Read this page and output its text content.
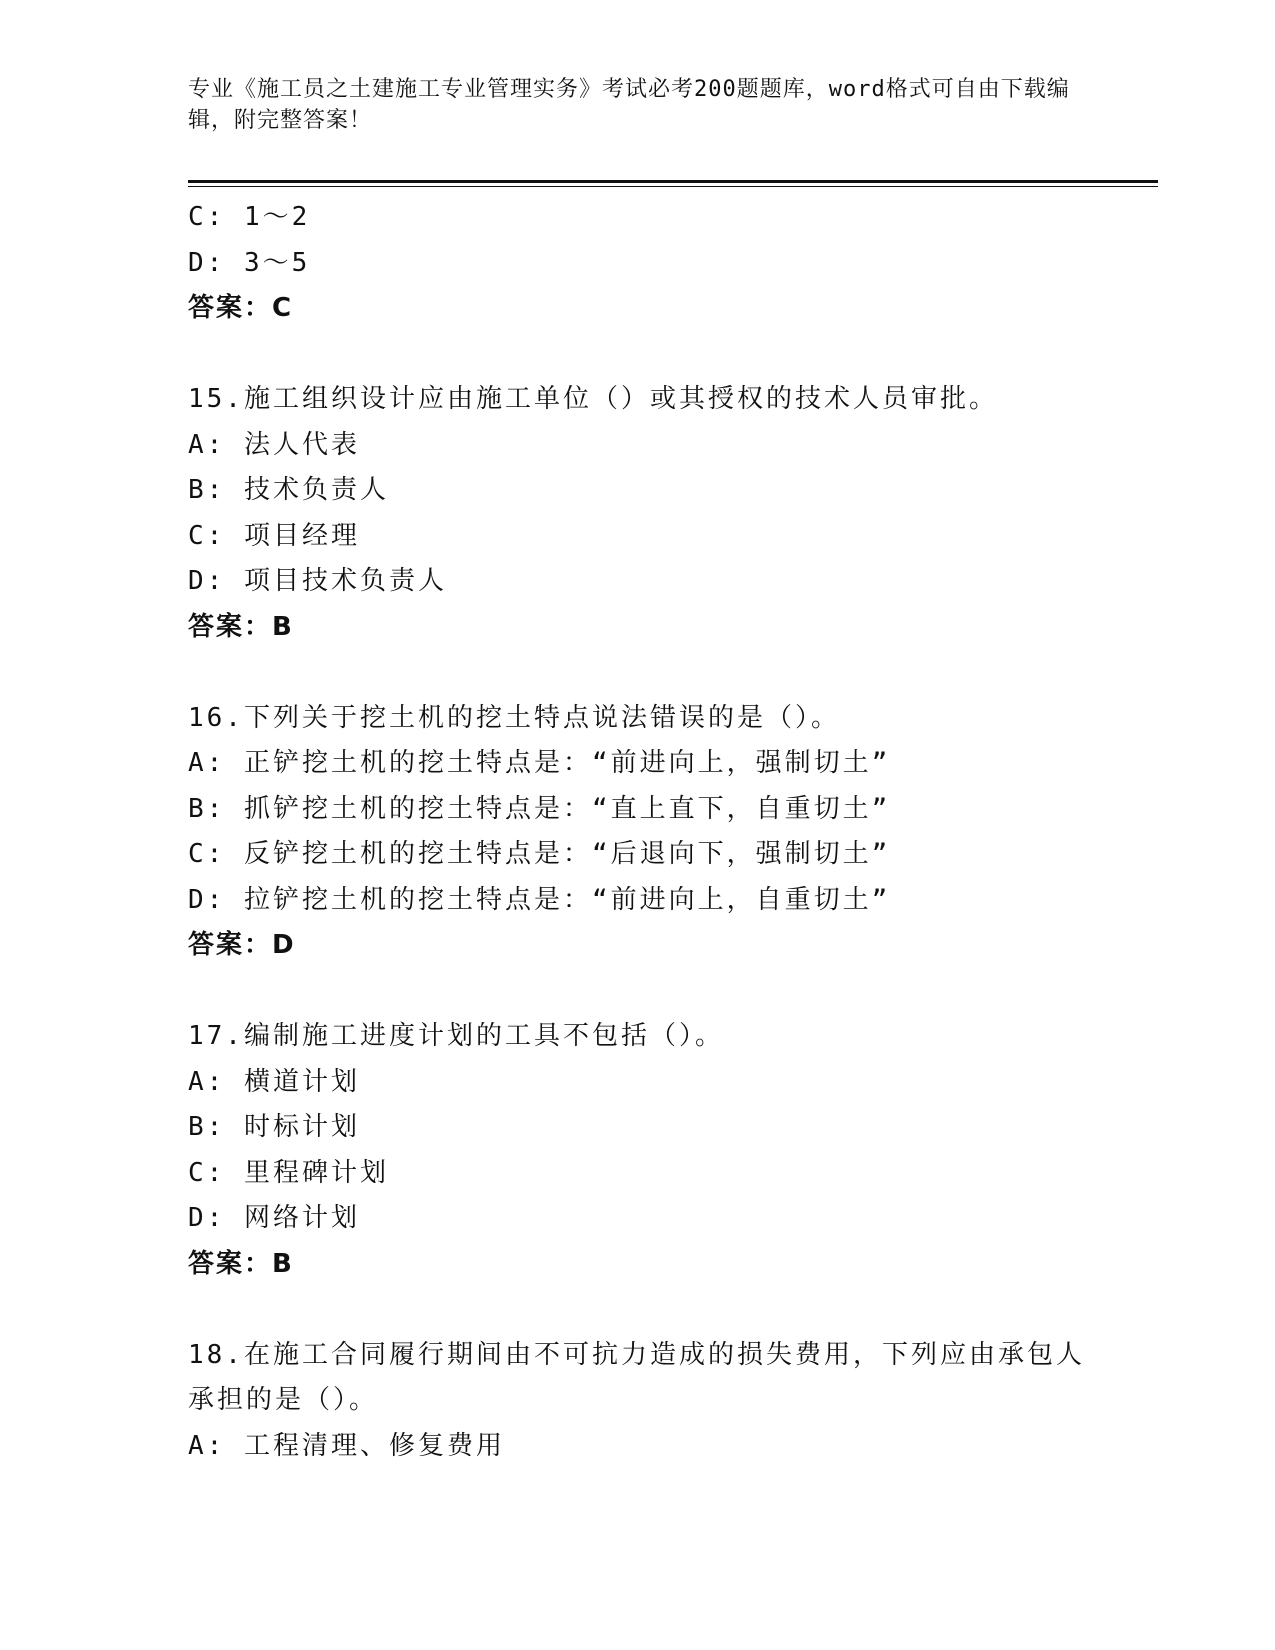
专业《施工员之土建施工专业管理实务》考试必考200题题库，word格式可自由下载编辑，附完整答案！
C: 1～2
D: 3～5
答案：C
15.施工组织设计应由施工单位（）或其授权的技术人员审批。
A: 法人代表
B: 技术负责人
C: 项目经理
D: 项目技术负责人
答案：B
16.下列关于挖土机的挖土特点说法错误的是（）。
A: 正铲挖土机的挖土特点是：“前进向上，强制切土”
B: 抓铲挖土机的挖土特点是：“直上直下，自重切土”
C: 反铲挖土机的挖土特点是：“后退向下，强制切土”
D: 拉铲挖土机的挖土特点是：“前进向上，自重切土”
答案：D
17.编制施工进度计划的工具不包括（）。
A: 横道计划
B: 时标计划
C: 里程碑计划
D: 网络计划
答案：B
18.在施工合同履行期间由不可抗力造成的损失费用，下列应由承包人承担的是（）。
A: 工程清理、修复费用
